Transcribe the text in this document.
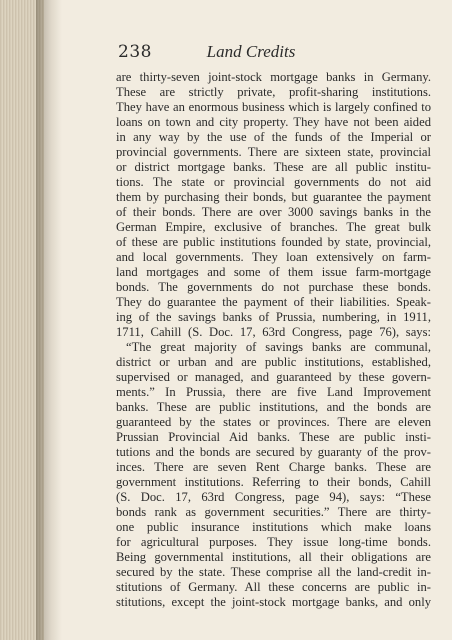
238	Land Credits
are thirty-seven joint-stock mortgage banks in Germany.
These are strictly private, profit-sharing institutions.
They have an enormous business which is largely confined to
loans on town and city property. They have not been aided
in any way by the use of the funds of the Imperial or
provincial governments. There are sixteen state, provincial
or district mortgage banks. These are all public institu-
tions. The state or provincial governments do not aid
them by purchasing their bonds, but guarantee the payment
of their bonds. There are over 3000 savings banks in the
German Empire, exclusive of branches. The great bulk
of these are public institutions founded by state, provincial,
and local governments. They loan extensively on farm-
land mortgages and some of them issue farm-mortgage
bonds. The governments do not purchase these bonds.
They do guarantee the payment of their liabilities. Speak-
ing of the savings banks of Prussia, numbering, in 1911,
1711, Cahill (S. Doc. 17, 63rd Congress, page 76), says:
“The great majority of savings banks are communal,
district or urban and are public institutions, established,
supervised or managed, and guaranteed by these govern-
ments.” In Prussia, there are five Land Improvement
banks. These are public institutions, and the bonds are
guaranteed by the states or provinces. There are eleven
Prussian Provincial Aid banks. These are public insti-
tutions and the bonds are secured by guaranty of the prov-
inces. There are seven Rent Charge banks. These are
government institutions. Referring to their bonds, Cahill
(S. Doc. 17, 63rd Congress, page 94), says: “These
bonds rank as government securities.” There are thirty-
one public insurance institutions which make loans
for agricultural purposes. They issue long-time bonds.
Being governmental institutions, all their obligations are
secured by the state. These comprise all the land-credit in-
stitutions of Germany. All these concerns are public in-
stitutions, except the joint-stock mortgage banks, and only
